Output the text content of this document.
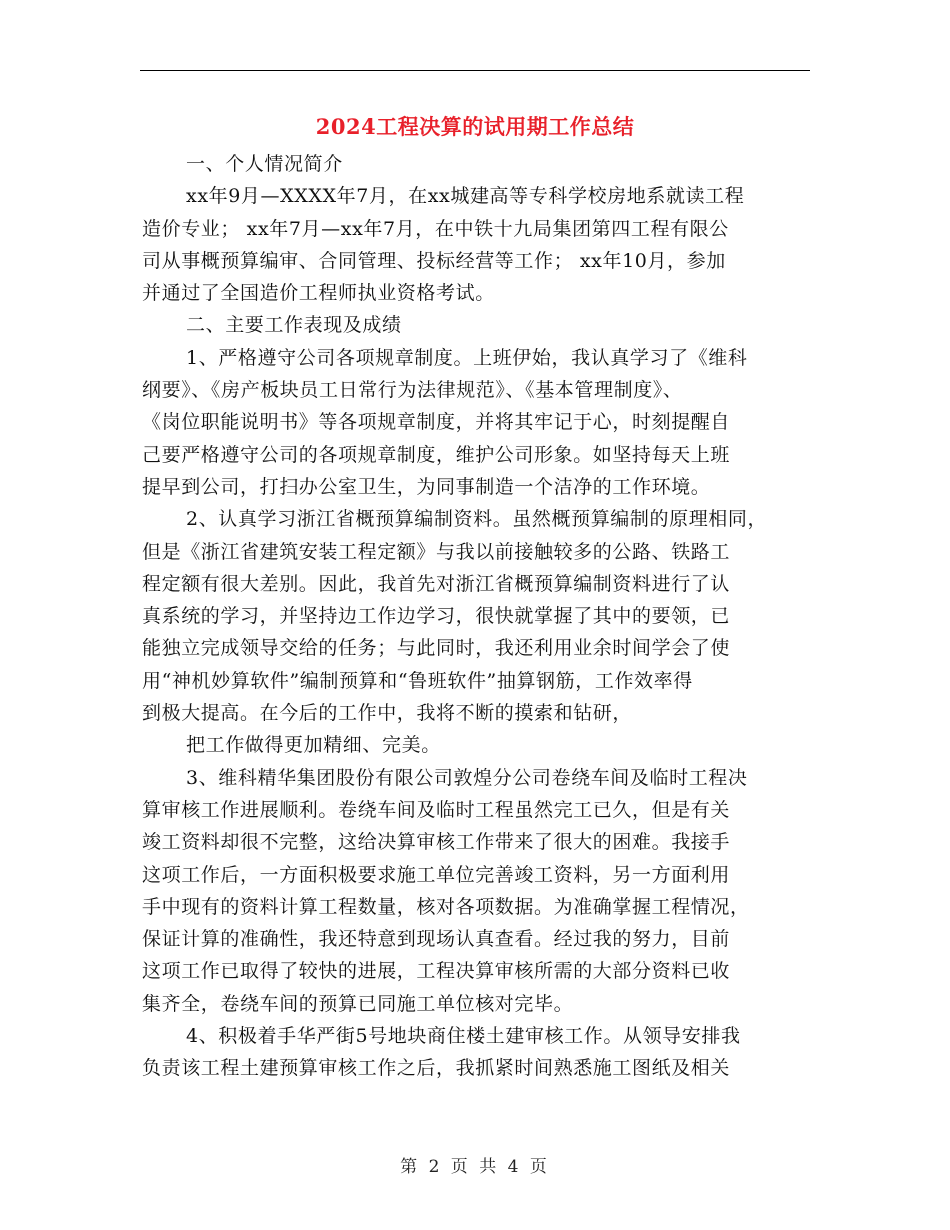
2024工程决算的试用期工作总结
一、个人情况简介
xx年9月—XXXX年7月，在xx城建高等专科学校房地系就读工程
造价专业； xx年7月—xx年7月，在中铁十九局集团第四工程有限公
司从事概预算编审、合同管理、投标经营等工作； xx年10月，参加
并通过了全国造价工程师执业资格考试。
二、主要工作表现及成绩
1、严格遵守公司各项规章制度。上班伊始，我认真学习了《维科
纲要》、《房产板块员工日常行为法律规范》、《基本管理制度》、
《岗位职能说明书》等各项规章制度，并将其牢记于心，时刻提醒自
己要严格遵守公司的各项规章制度，维护公司形象。如坚持每天上班
提早到公司，打扫办公室卫生，为同事制造一个洁净的工作环境。
2、认真学习浙江省概预算编制资料。虽然概预算编制的原理相同，
但是《浙江省建筑安装工程定额》与我以前接触较多的公路、铁路工
程定额有很大差别。因此，我首先对浙江省概预算编制资料进行了认
真系统的学习，并坚持边工作边学习，很快就掌握了其中的要领，已
能独立完成领导交给的任务；与此同时，我还利用业余时间学会了使
用“神机妙算软件”编制预算和“鲁班软件”抽算钢筋，工作效率得
到极大提高。在今后的工作中，我将不断的摸索和钻研，
把工作做得更加精细、完美。
3、维科精华集团股份有限公司敦煌分公司卷绕车间及临时工程决
算审核工作进展顺利。卷绕车间及临时工程虽然完工已久，但是有关
竣工资料却很不完整，这给决算审核工作带来了很大的困难。我接手
这项工作后，一方面积极要求施工单位完善竣工资料，另一方面利用
手中现有的资料计算工程数量，核对各项数据。为准确掌握工程情况，
保证计算的准确性，我还特意到现场认真查看。经过我的努力，目前
这项工作已取得了较快的进展，工程决算审核所需的大部分资料已收
集齐全，卷绕车间的预算已同施工单位核对完毕。
4、积极着手华严街5号地块商住楼土建审核工作。从领导安排我
负责该工程土建预算审核工作之后，我抓紧时间熟悉施工图纸及相关
第 2 页 共 4 页
